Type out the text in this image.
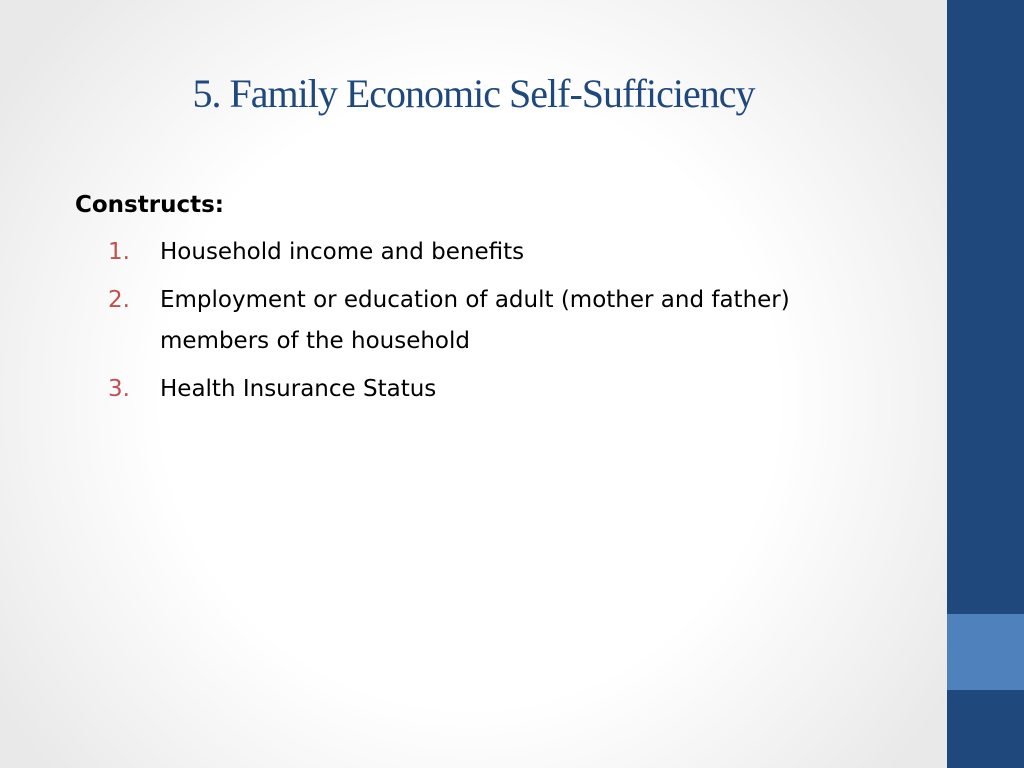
5. Family Economic Self-Sufficiency

Constructs:

1. Household income and benefits
2. Employment or education of adult (mother and father) members of the household
3. Health Insurance Status
